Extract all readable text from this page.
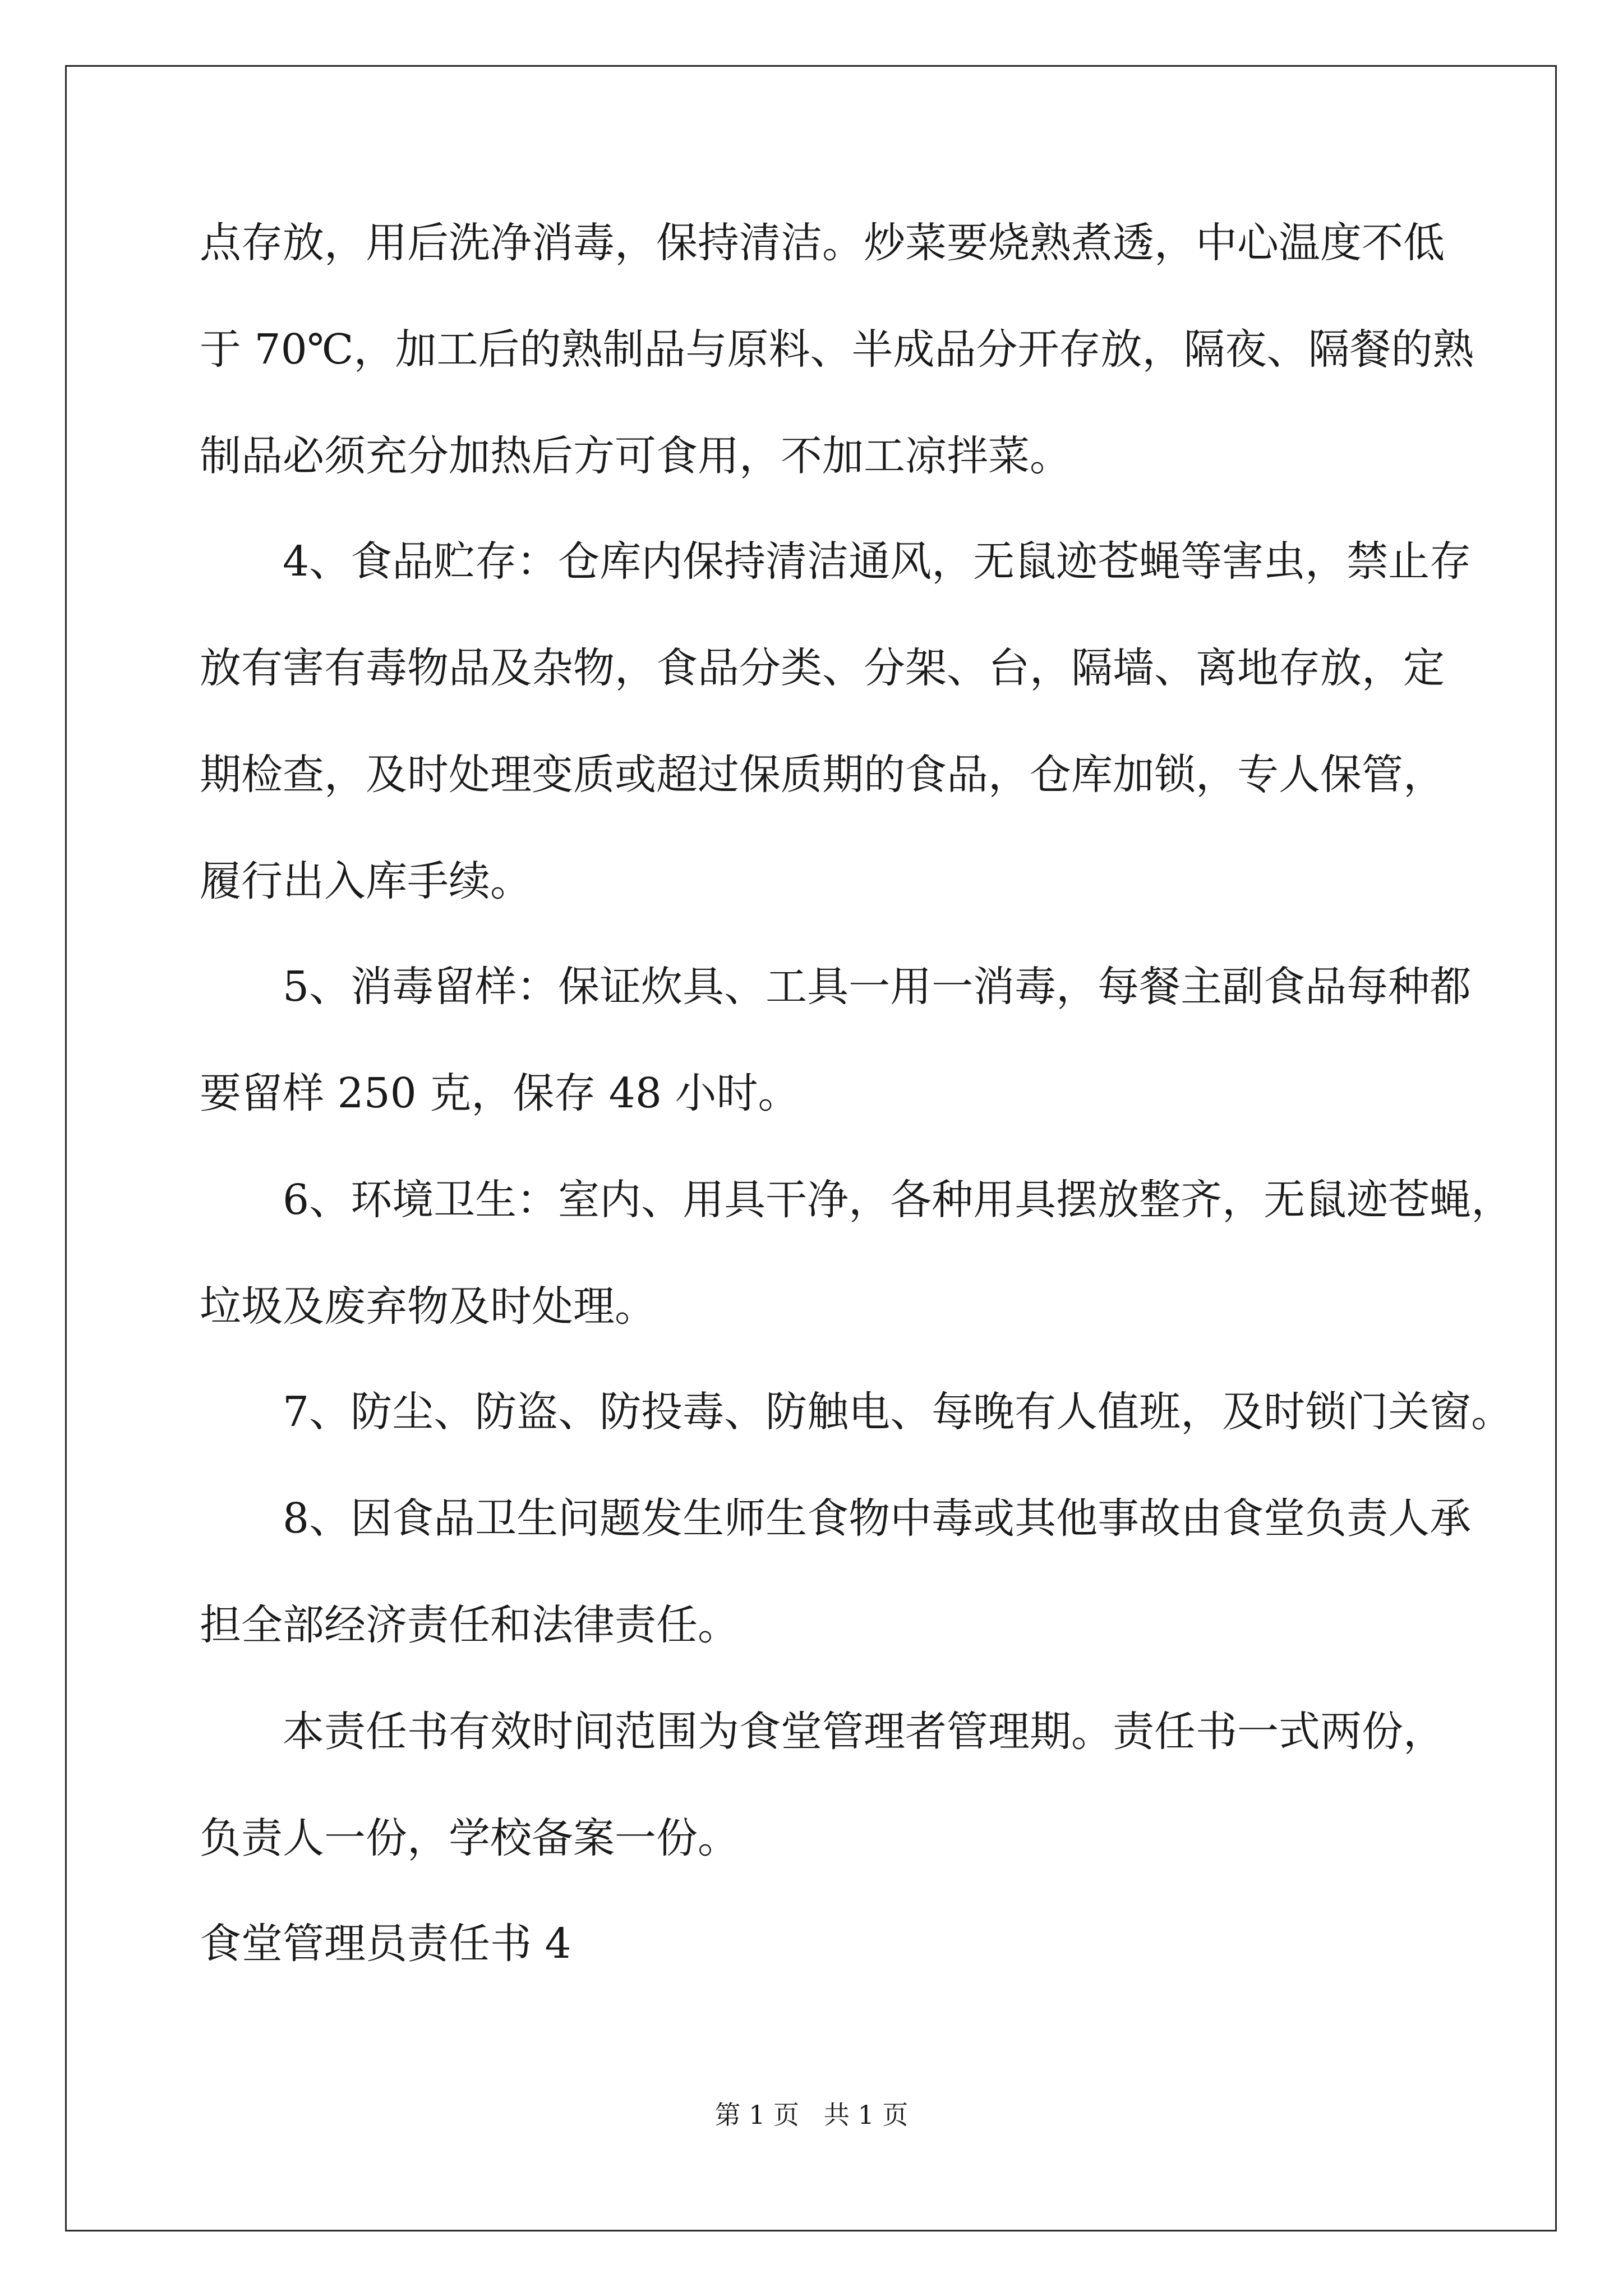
点存放，用后洗净消毒，保持清洁。炒菜要烧熟煮透，中心温度不低
于 70℃，加工后的熟制品与原料、半成品分开存放，隔夜、隔餐的熟
制品必须充分加热后方可食用，不加工凉拌菜。
4、食品贮存：仓库内保持清洁通风，无鼠迹苍蝇等害虫，禁止存
放有害有毒物品及杂物，食品分类、分架、台，隔墙、离地存放，定
期检查，及时处理变质或超过保质期的食品，仓库加锁，专人保管，
履行出入库手续。
5、消毒留样：保证炊具、工具一用一消毒，每餐主副食品每种都
要留样 250 克，保存 48 小时。
6、环境卫生：室内、用具干净，各种用具摆放整齐，无鼠迹苍蝇，
垃圾及废弃物及时处理。
7、防尘、防盗、防投毒、防触电、每晚有人值班，及时锁门关窗。
8、因食品卫生问题发生师生食物中毒或其他事故由食堂负责人承
担全部经济责任和法律责任。
本责任书有效时间范围为食堂管理者管理期。责任书一式两份，
负责人一份，学校备案一份。
食堂管理员责任书 4
第 1 页   共 1 页
